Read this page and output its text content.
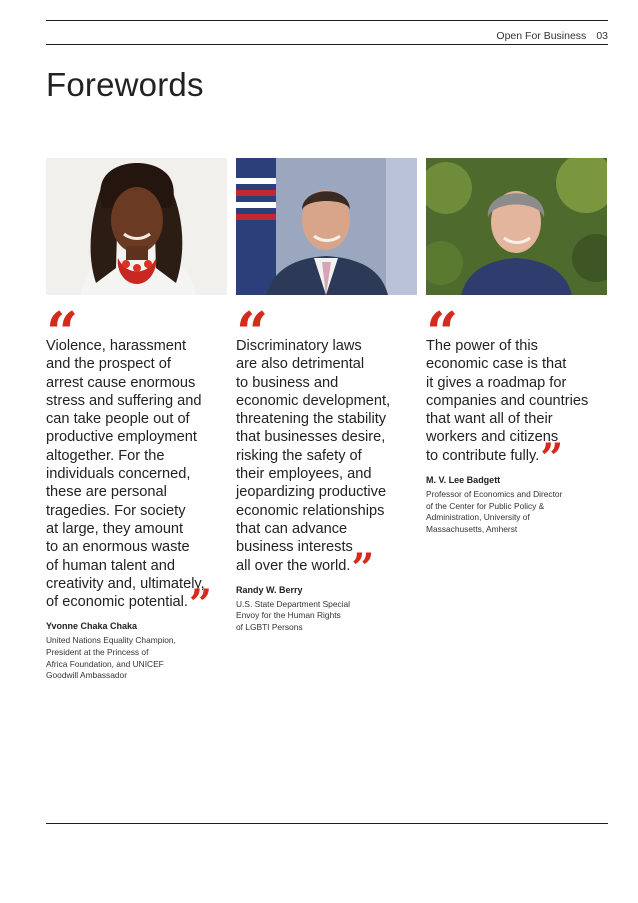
Open For Business 03
Forewords
“
Violence, harassment
and the prospect of
arrest cause enormous
stress and suffering and
can take people out of
productive employment
altogether. For the
individuals concerned,
these are personal
tragedies. For society
at large, they amount
to an enormous waste
of human talent and
creativity and, ultimately,
of economic potential.”
Yvonne Chaka Chaka
United Nations Equality Champion,
President at the Princess of
Africa Foundation, and UNICEF
Goodwill Ambassador
“
Discriminatory laws
are also detrimental
to business and
economic development,
threatening the stability
that businesses desire,
risking the safety of
their employees, and
jeopardizing productive
economic relationships
that can advance
business interests
all over the world.”
Randy W. Berry
U.S. State Department Special
Envoy for the Human Rights
of LGBTI Persons
“
The power of this
economic case is that
it gives a roadmap for
companies and countries
that want all of their
workers and citizens
to contribute fully.”
M. V. Lee Badgett
Professor of Economics and Director
of the Center for Public Policy &
Administration, University of
Massachusetts, Amherst
